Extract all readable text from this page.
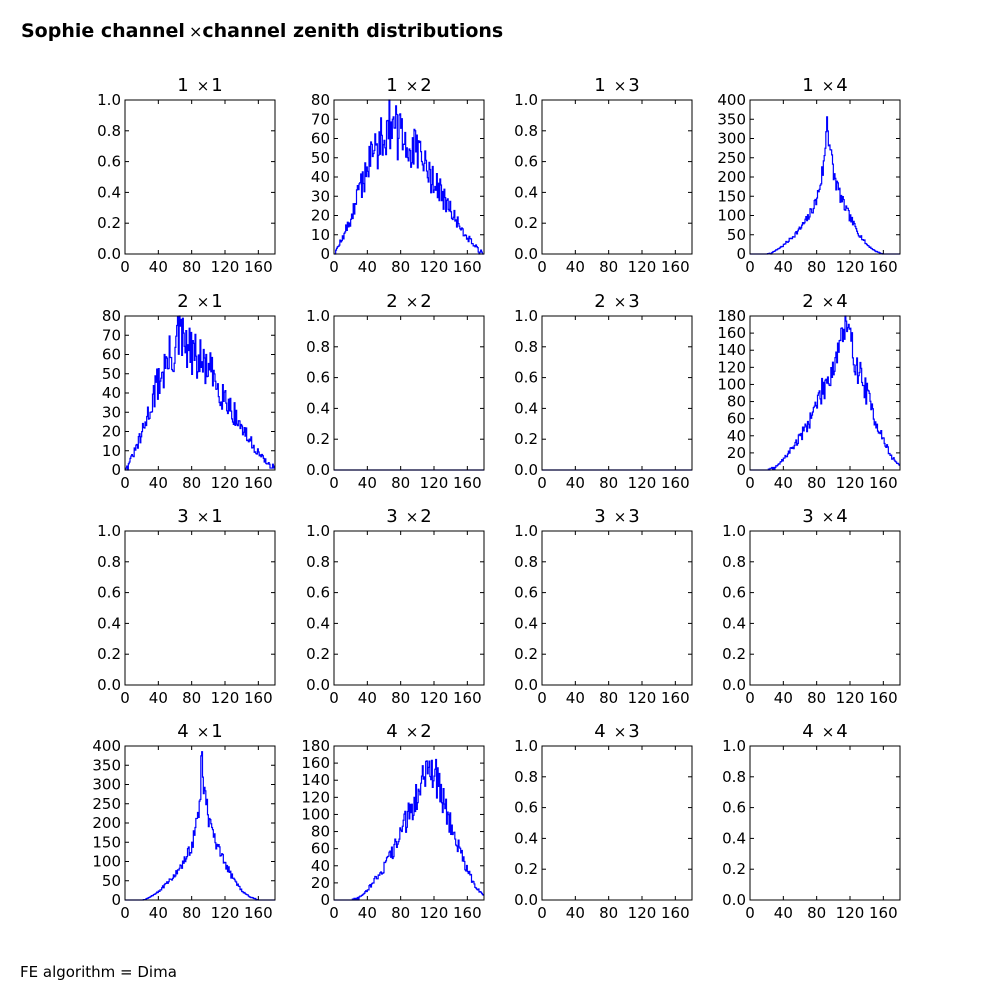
Sophie channel ×channel zenith distributions
1 × 1
0 40 80 120 160
0.0
0.2
0.4
0.6
0.8
1.0
1 × 2
0 40 80 120 160
0
10
20
30
40
50
60
70
80
1 × 3
0 40 80 120 160
0.0
0.2
0.4
0.6
0.8
1.0
1 × 4
0 40 80 120 160
0
50
100
150
200
250
300
350
400
2 × 1
0 40 80 120 160
0
10
20
30
40
50
60
70
80
2 × 2
0 40 80 120 160
0.0
0.2
0.4
0.6
0.8
1.0
2 × 3
0 40 80 120 160
0.0
0.2
0.4
0.6
0.8
1.0
2 × 4
0 40 80 120 160
0
20
40
60
80
100
120
140
160
180
3 × 1
0 40 80 120 160
0.0
0.2
0.4
0.6
0.8
1.0
3 × 2
0 40 80 120 160
0.0
0.2
0.4
0.6
0.8
1.0
3 × 3
0 40 80 120 160
0.0
0.2
0.4
0.6
0.8
1.0
3 × 4
0 40 80 120 160
0.0
0.2
0.4
0.6
0.8
1.0
4 × 1
0 40 80 120 160
0
50
100
150
200
250
300
350
400
4 × 2
0 40 80 120 160
0
20
40
60
80
100
120
140
160
180
4 × 3
0 40 80 120 160
0.0
0.2
0.4
0.6
0.8
1.0
4 × 4
0 40 80 120 160
0.0
0.2
0.4
0.6
0.8
1.0
FE algorithm = Dima
